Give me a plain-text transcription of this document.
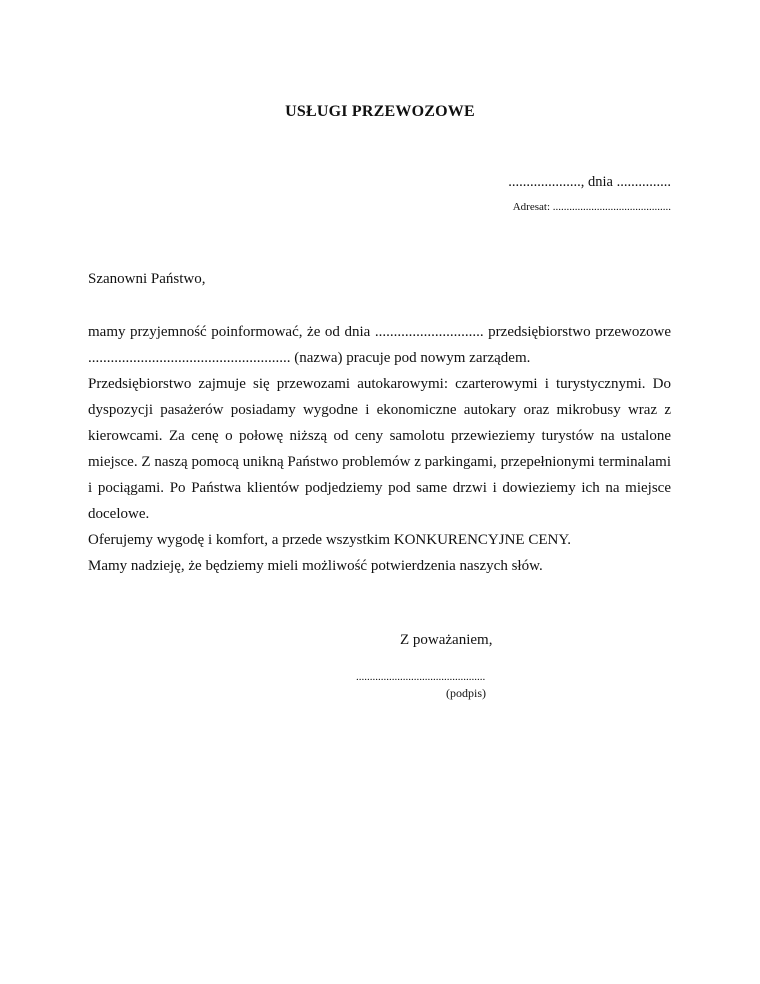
USŁUGI PRZEWOZOWE
...................., dnia ...............
Adresat: ...........................................
Szanowni Państwo,

mamy przyjemność poinformować, że od dnia ............................. przedsiębiorstwo przewozowe ...................................................... (nazwa) pracuje pod nowym zarządem.

Przedsiębiorstwo zajmuje się przewozami autokarowymi: czarterowymi i turystycznymi. Do dyspozycji pasażerów posiadamy wygodne i ekonomiczne autokary oraz mikrobusy wraz z kierowcami. Za cenę o połowę niższą od ceny samolotu przewieziemy turystów na ustalone miejsce. Z naszą pomocą unikną Państwo problemów z parkingami, przepełnionymi terminalami i pociągami. Po Państwa klientów podjedziemy pod same drzwi i dowieziemy ich na miejsce docelowe.

Oferujemy wygodę i komfort, a przede wszystkim KONKURENCYJNE CENY.

Mamy nadzieję, że będziemy mieli możliwość potwierdzenia naszych słów.

Z poważaniem,
...............................................
(podpis)
